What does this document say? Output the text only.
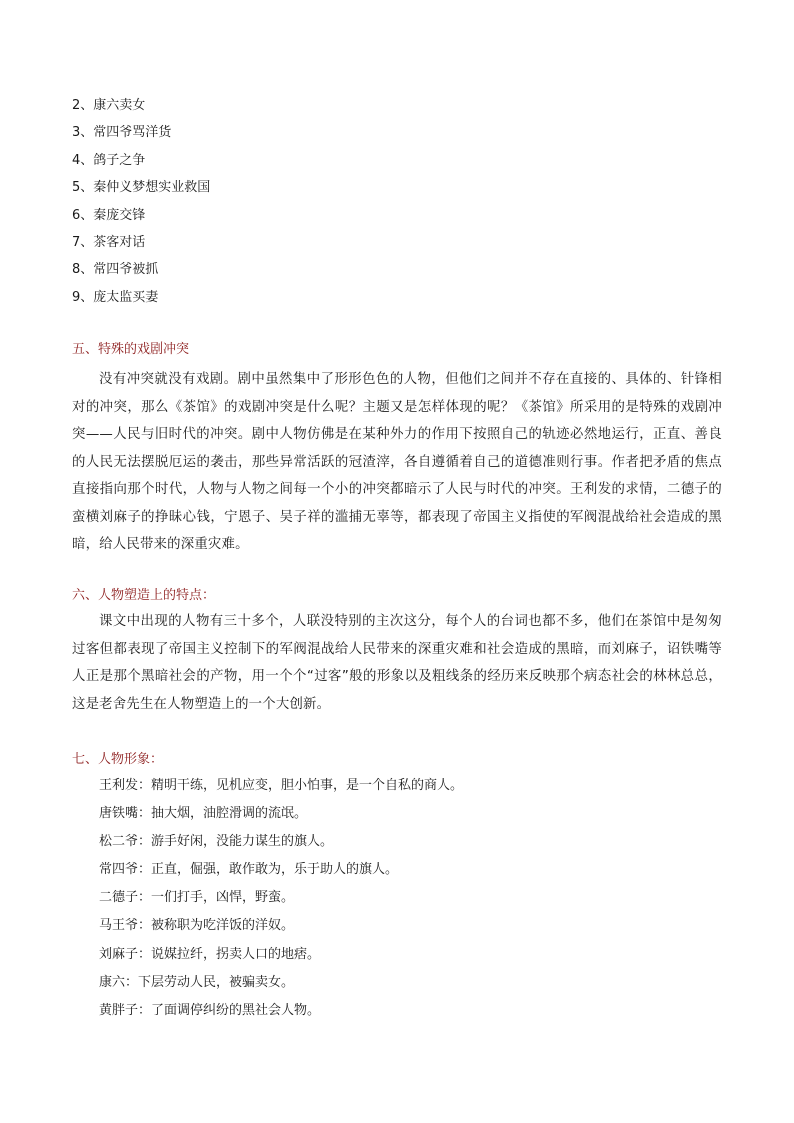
2、康六卖女
3、常四爷骂洋货
4、鸽子之争
5、秦仲义梦想实业救国
6、秦庞交锋
7、茶客对话
8、常四爷被抓
9、庞太监买妻
五、特殊的戏剧冲突

没有冲突就没有戏剧。剧中虽然集中了形形色色的人物，但他们之间并不存在直接的、具体的、针锋相对的冲突，那么《茶馆》的戏剧冲突是什么呢？主题又是怎样体现的呢？《茶馆》所采用的是特殊的戏剧冲突——人民与旧时代的冲突。剧中人物仿佛是在某种外力的作用下按照自己的轨迹必然地运行，正直、善良的人民无法摆脱厄运的袭击，那些异常活跃的冠渣滓，各自遵循着自己的道德准则行事。作者把矛盾的焦点直接指向那个时代，人物与人物之间每一个小的冲突都暗示了人民与时代的冲突。王利发的求情，二德子的蛮横刘麻子的挣昧心钱，宁恩子、吴子祥的滥捕无辜等，都表现了帝国主义指使的军阀混战给社会造成的黑暗，给人民带来的深重灾难。

六、人物塑造上的特点：

课文中出现的人物有三十多个，人联没特别的主次这分，每个人的台词也都不多，他们在茶馆中是匆匆过客但都表现了帝国主义控制下的军阀混战给人民带来的深重灾难和社会造成的黑暗，而刘麻子，诏铁嘴等人正是那个黑暗社会的产物，用一个个“过客”般的形象以及粗线条的经历来反映那个病态社会的林林总总，这是老舍先生在人物塑造上的一个大创新。

七、人物形象：
王利发：精明干练，见机应变，胆小怕事，是一个自私的商人。
唐铁嘴：抽大烟，油腔滑调的流氓。
松二爷：游手好闲，没能力谋生的旗人。
常四爷：正直，倔强，敢作敢为，乐于助人的旗人。
二德子：一们打手，凶悍，野蛮。
马王爷：被称职为吃洋饭的洋奴。
刘麻子：说媒拉纤，拐卖人口的地痞。
康六：下层劳动人民，被骗卖女。
黄胖子：了面调停纠纷的黑社会人物。
